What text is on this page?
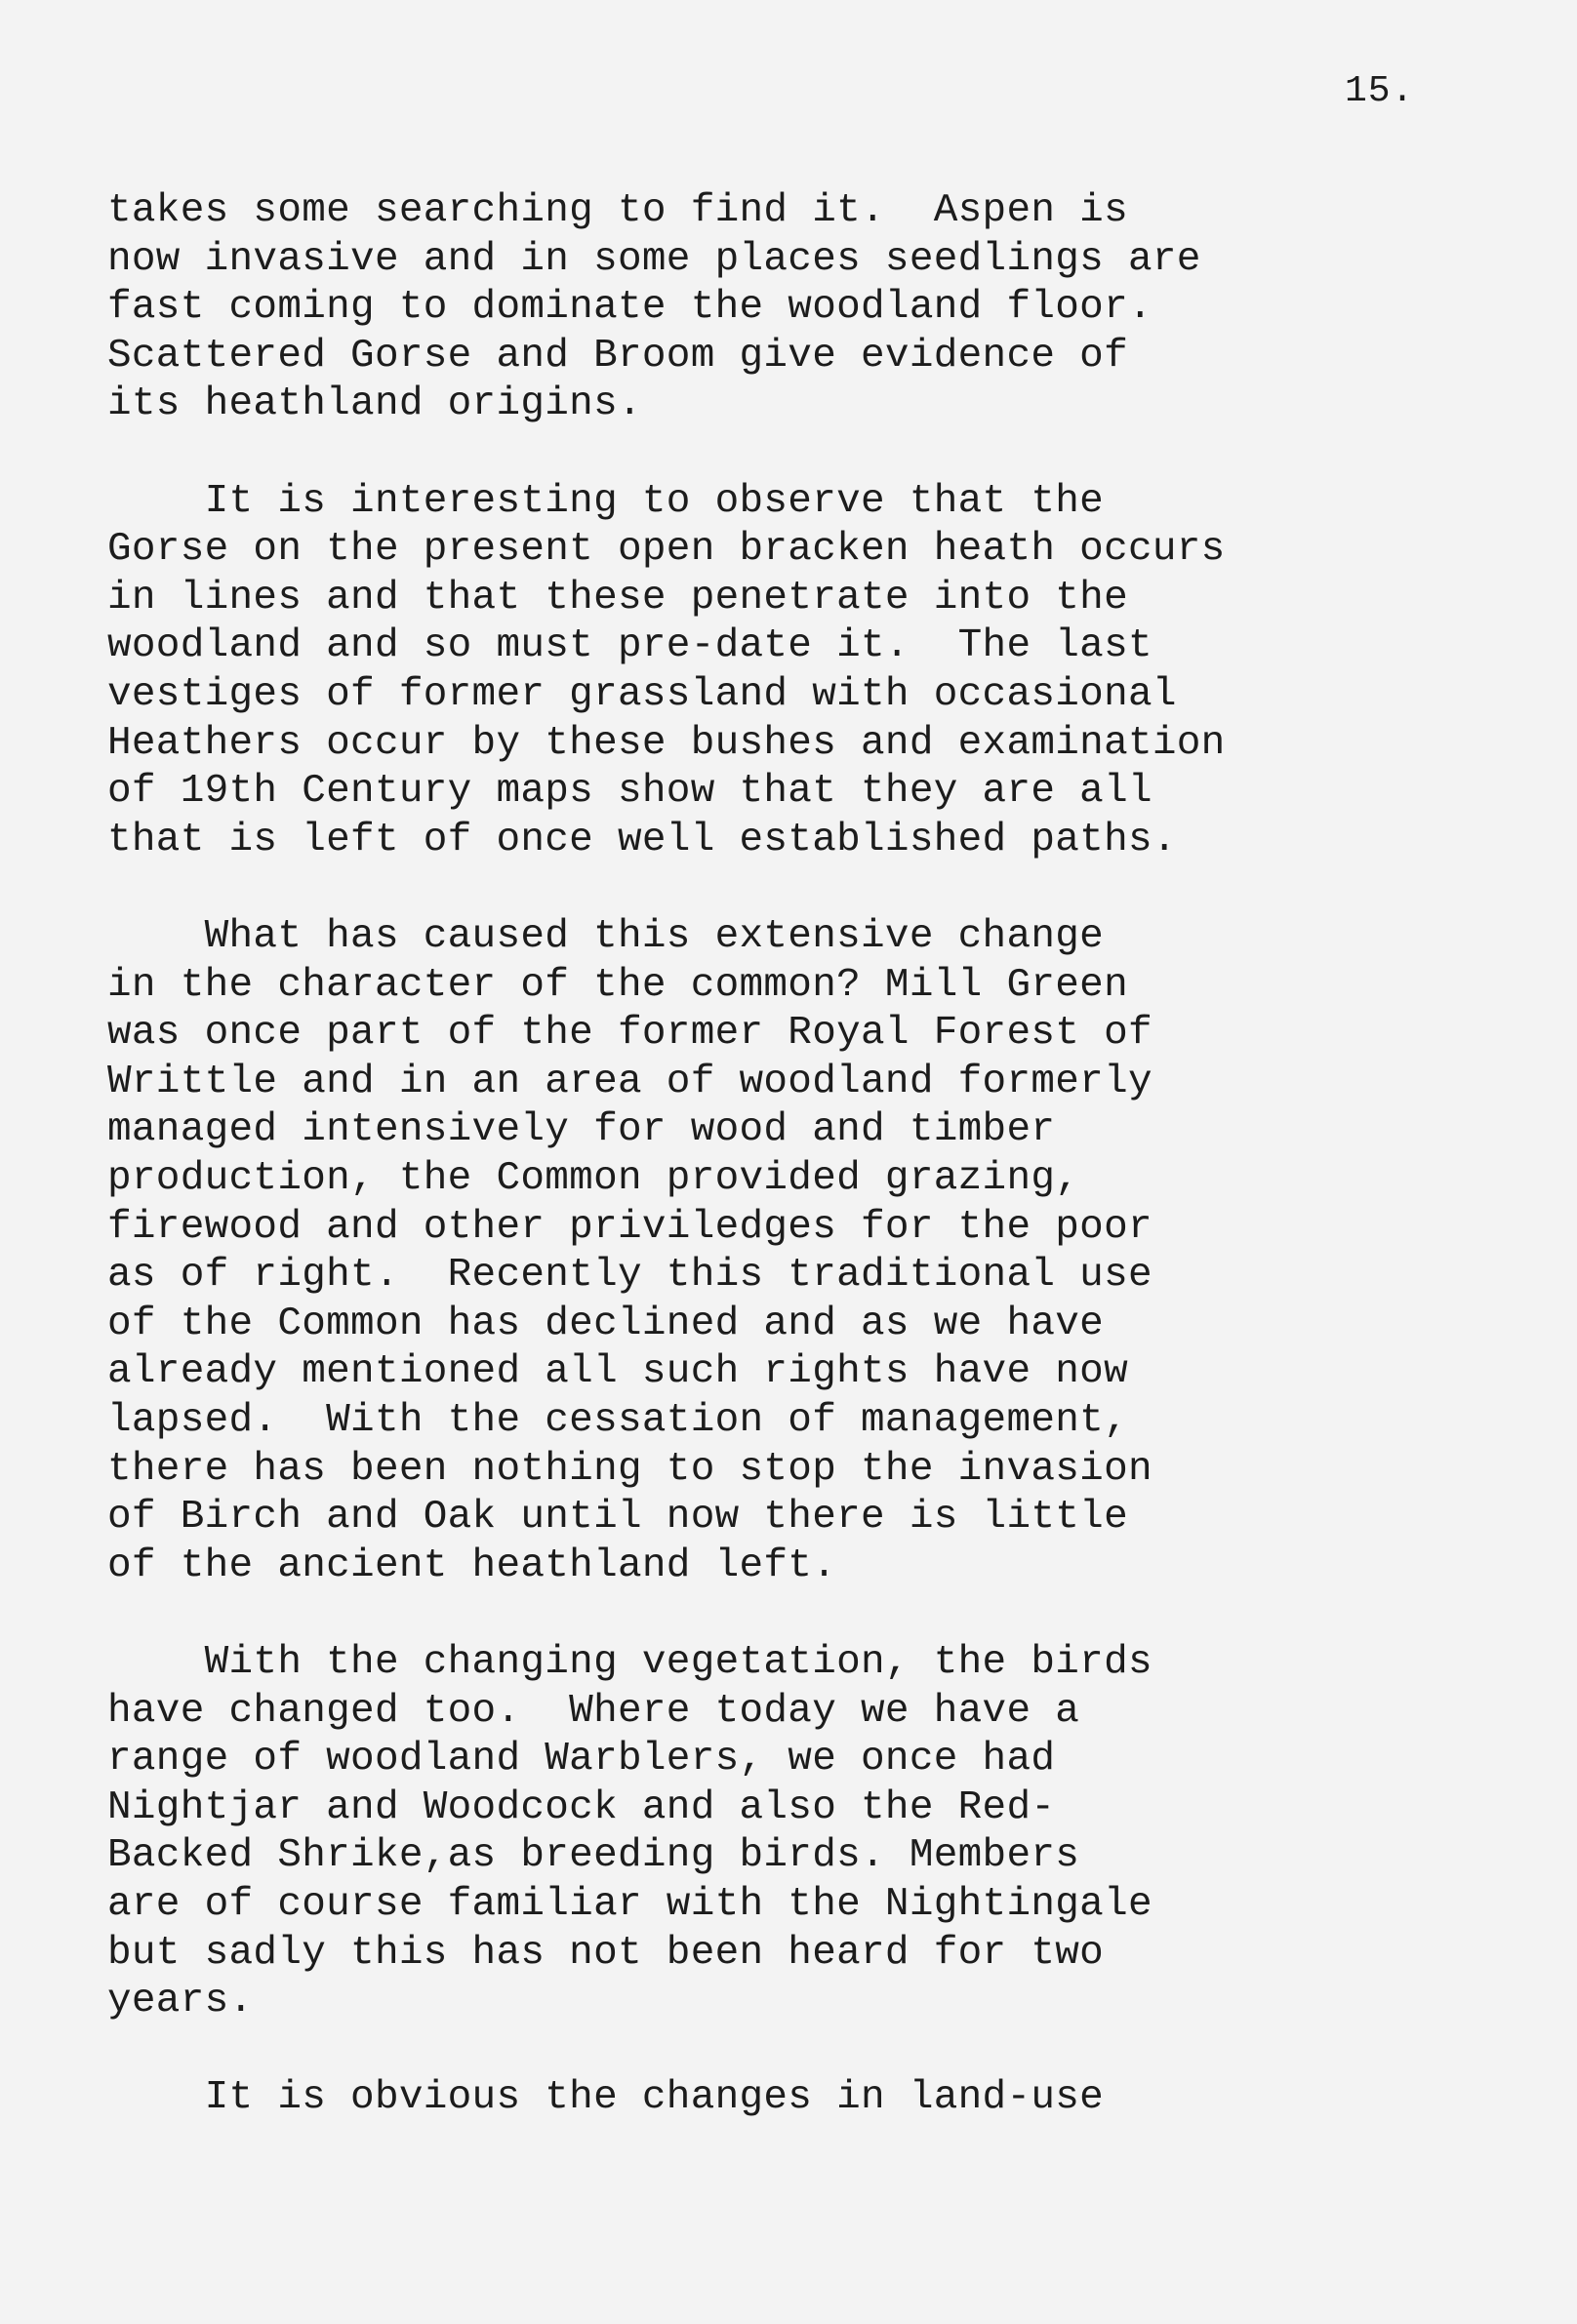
15.
takes some searching to find it.  Aspen is
now invasive and in some places seedlings are
fast coming to dominate the woodland floor.
Scattered Gorse and Broom give evidence of
its heathland origins.
It is interesting to observe that the
Gorse on the present open bracken heath occurs
in lines and that these penetrate into the
woodland and so must pre-date it.  The last
vestiges of former grassland with occasional
Heathers occur by these bushes and examination
of 19th Century maps show that they are all
that is left of once well established paths.
What has caused this extensive change
in the character of the common? Mill Green
was once part of the former Royal Forest of
Writtle and in an area of woodland formerly
managed intensively for wood and timber
production, the Common provided grazing,
firewood and other priviledges for the poor
as of right.  Recently this traditional use
of the Common has declined and as we have
already mentioned all such rights have now
lapsed.  With the cessation of management,
there has been nothing to stop the invasion
of Birch and Oak until now there is little
of the ancient heathland left.
With the changing vegetation, the birds
have changed too.  Where today we have a
range of woodland Warblers, we once had
Nightjar and Woodcock and also the Red-
Backed Shrike,as breeding birds. Members
are of course familiar with the Nightingale
but sadly this has not been heard for two
years.
It is obvious the changes in land-use
